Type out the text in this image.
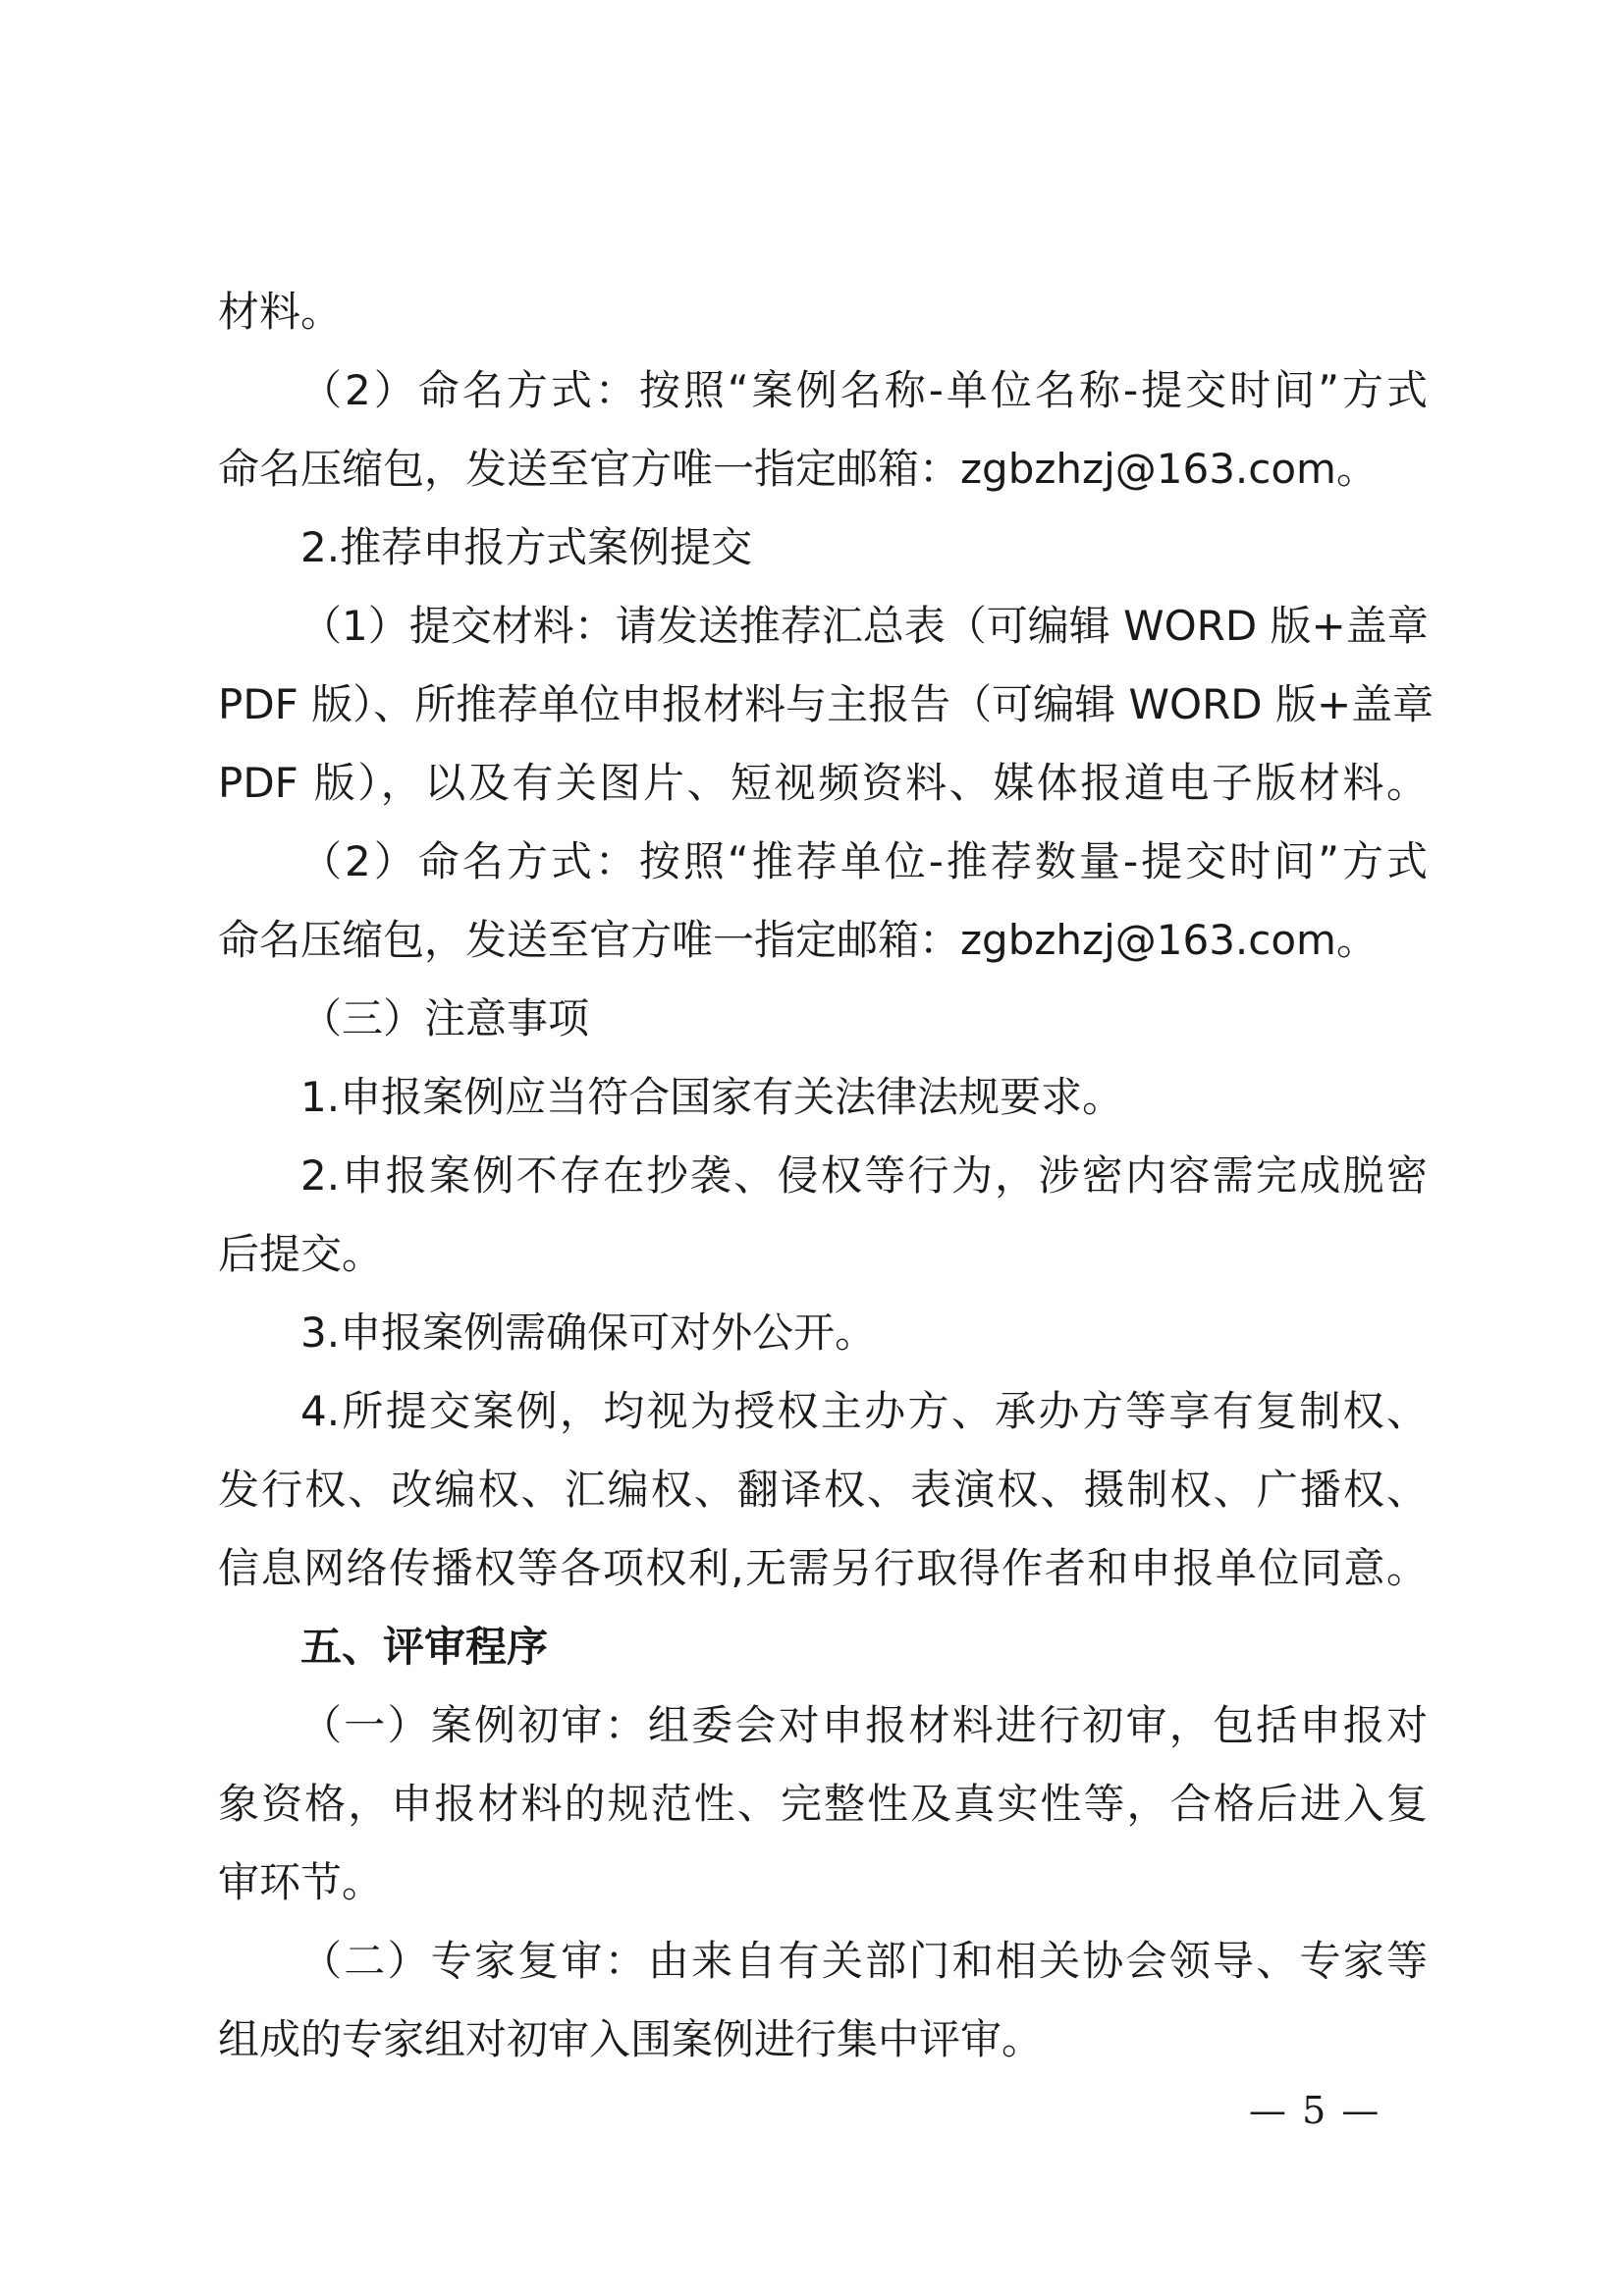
材料。
（2）命名方式：按照“案例名称-单位名称-提交时间”方式
命名压缩包，发送至官方唯一指定邮箱：zgbzhzj@163.com。
2.推荐申报方式案例提交
（1）提交材料：请发送推荐汇总表（可编辑 WORD 版+盖章
PDF 版）、所推荐单位申报材料与主报告（可编辑 WORD 版+盖章
PDF 版），以及有关图片、短视频资料、媒体报道电子版材料。
（2）命名方式：按照“推荐单位-推荐数量-提交时间”方式
命名压缩包，发送至官方唯一指定邮箱：zgbzhzj@163.com。
（三）注意事项
1.申报案例应当符合国家有关法律法规要求。
2.申报案例不存在抄袭、侵权等行为，涉密内容需完成脱密
后提交。
3.申报案例需确保可对外公开。
4.所提交案例，均视为授权主办方、承办方等享有复制权、
发行权、改编权、汇编权、翻译权、表演权、摄制权、广播权、
信息网络传播权等各项权利,无需另行取得作者和申报单位同意。
五、评审程序
（一）案例初审：组委会对申报材料进行初审，包括申报对
象资格，申报材料的规范性、完整性及真实性等，合格后进入复
审环节。
（二）专家复审：由来自有关部门和相关协会领导、专家等
组成的专家组对初审入围案例进行集中评审。
— 5 —
